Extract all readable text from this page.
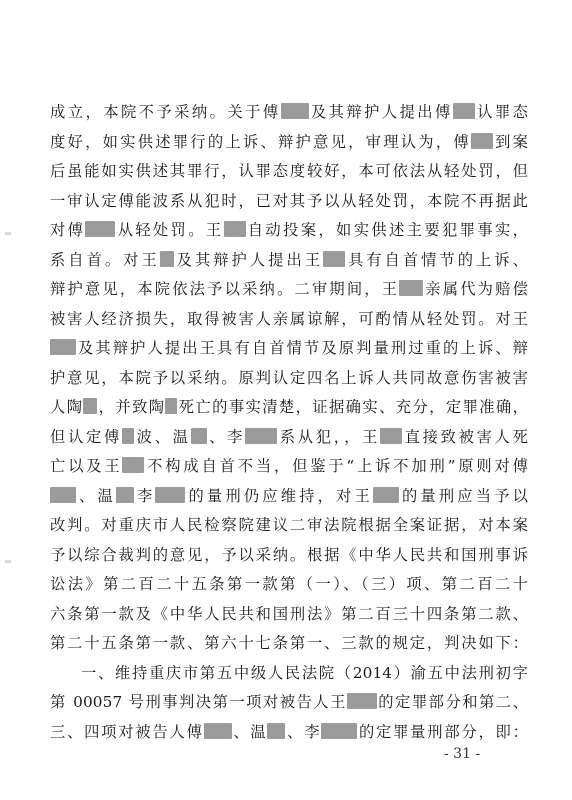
成立，本院不予采纳。关于傅 及其辩护人提出傅 认罪态
度好，如实供述罪行的上诉、辩护意见，审理认为，傅 到案
后虽能如实供述其罪行，认罪态度较好，本可依法从轻处罚，但
一审认定傅能波系从犯时，已对其予以从轻处罚，本院不再据此
对傅 从轻处罚。王 自动投案，如实供述主要犯罪事实，
系自首。对王 及其辩护人提出王 具有自首情节的上诉、
辩护意见，本院依法予以采纳。二审期间，王 亲属代为赔偿
被害人经济损失，取得被害人亲属谅解，可酌情从轻处罚。对王
及其辩护人提出王具有自首情节及原判量刑过重的上诉、辩
护意见，本院予以采纳。原判认定四名上诉人共同故意伤害被害
人陶 ，并致陶 死亡的事实清楚，证据确实、充分，定罪准确，
但认定傅 波、温 、李 系从犯，，王 直接致被害人死
亡以及王 不构成自首不当，但鉴于“上诉不加刑”原则对傅
、温 李 的量刑仍应维持，对王 的量刑应当予以
改判。对重庆市人民检察院建议二审法院根据全案证据，对本案
予以综合裁判的意见，予以采纳。根据《中华人民共和国刑事诉
讼法》第二百二十五条第一款第（一）、（三）项、第二百二十
六条第一款及《中华人民共和国刑法》第二百三十四条第二款、
第二十五条第一款、第六十七条第一、三款的规定，判决如下：
一、维持重庆市第五中级人民法院（2014）渝五中法刑初字
第 00057 号刑事判决第一项对被告人王 的定罪部分和第二、
三、四项对被告人傅 、温 、李 的定罪量刑部分，即：
- 31 -
